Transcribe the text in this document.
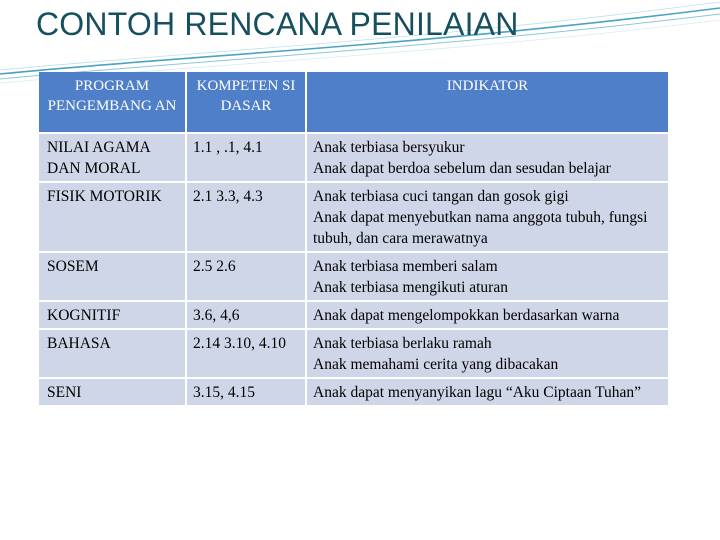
CONTOH RENCANA PENILAIAN
PROGRAM PENGEMBANG AN	KOMPETEN SI DASAR	INDIKATOR
NILAI AGAMA DAN MORAL	1.1 , .1, 4.1	Anak terbiasa bersyukur
Anak dapat berdoa sebelum dan sesudan belajar

FISIK MOTORIK	2.1 3.3, 4.3	Anak terbiasa cuci tangan dan gosok gigi
Anak dapat menyebutkan nama anggota tubuh, fungsi tubuh, dan cara merawatnya

SOSEM	2.5 2.6	Anak terbiasa memberi salam
Anak terbiasa mengikuti aturan

KOGNITIF	3.6, 4,6	Anak dapat mengelompokkan berdasarkan warna

BAHASA	2.14 3.10, 4.10	Anak terbiasa berlaku ramah
Anak memahami cerita yang dibacakan

SENI	3.15, 4.15	Anak dapat menyanyikan lagu “Aku Ciptaan Tuhan”
